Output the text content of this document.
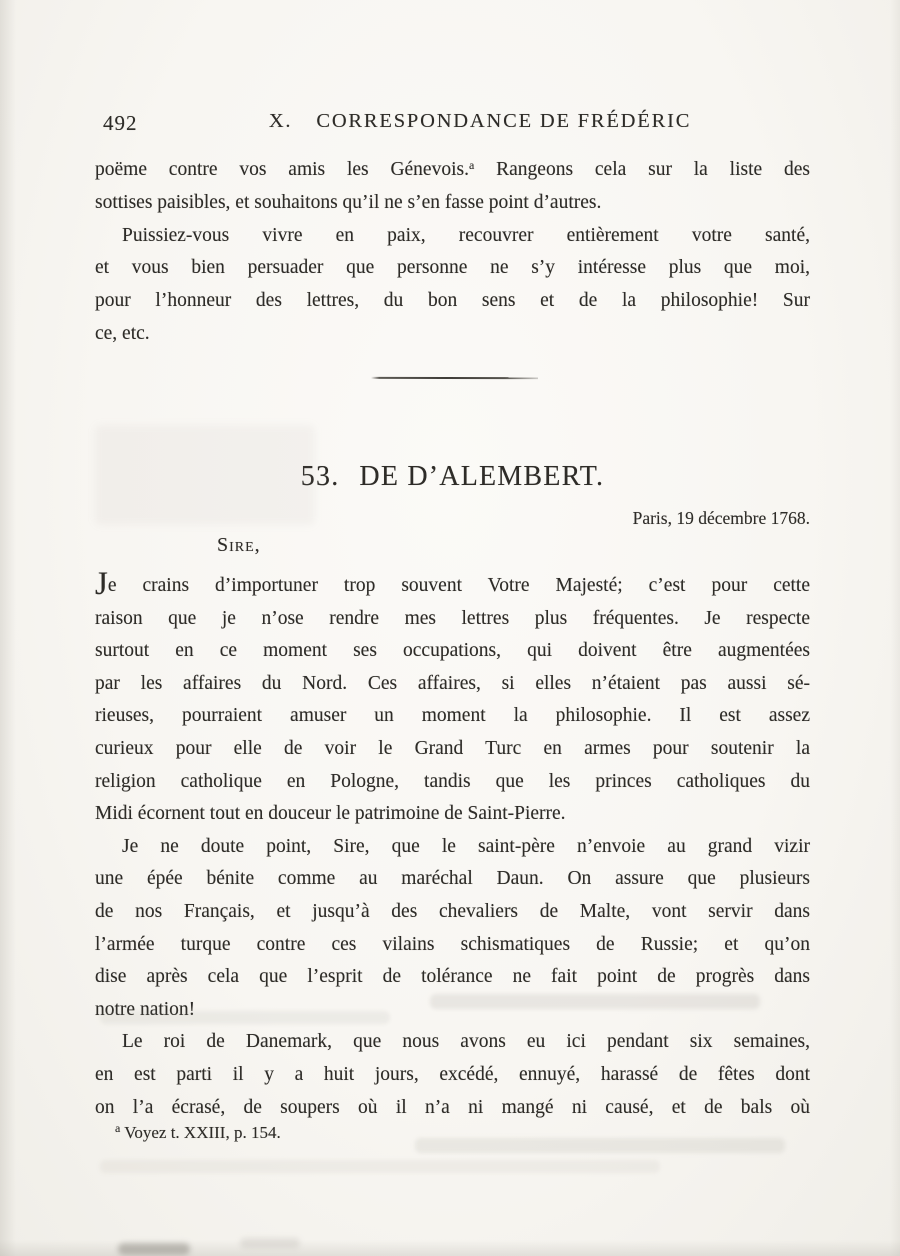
492	X. CORRESPONDANCE DE FRÉDÉRIC
poëme contre vos amis les Génevois.$^a$ Rangeons cela sur la liste des
sottises paisibles, et souhaitons qu’il ne s’en fasse point d’autres.
Puissiez-vous vivre en paix, recouvrer entièrement votre santé,
et vous bien persuader que personne ne s’y intéresse plus que moi,
pour l’honneur des lettres, du bon sens et de la philosophie! Sur
ce, etc.
53. DE D’ALEMBERT.
Paris, 19 décembre 1768.
Sire,
Je crains d’importuner trop souvent Votre Majesté; c’est pour cette
raison que je n’ose rendre mes lettres plus fréquentes. Je respecte
surtout en ce moment ses occupations, qui doivent être augmentées
par les affaires du Nord. Ces affaires, si elles n’étaient pas aussi sé-
rieuses, pourraient amuser un moment la philosophie. Il est assez
curieux pour elle de voir le Grand Turc en armes pour soutenir la
religion catholique en Pologne, tandis que les princes catholiques du
Midi écornent tout en douceur le patrimoine de Saint-Pierre.
Je ne doute point, Sire, que le saint-père n’envoie au grand vizir
une épée bénite comme au maréchal Daun. On assure que plusieurs
de nos Français, et jusqu’à des chevaliers de Malte, vont servir dans
l’armée turque contre ces vilains schismatiques de Russie; et qu’on
dise après cela que l’esprit de tolérance ne fait point de progrès dans
notre nation!
Le roi de Danemark, que nous avons eu ici pendant six semaines,
en est parti il y a huit jours, excédé, ennuyé, harassé de fêtes dont
on l’a écrasé, de soupers où il n’a ni mangé ni causé, et de bals où
$^a$ Voyez t. XXIII, p. 154.
